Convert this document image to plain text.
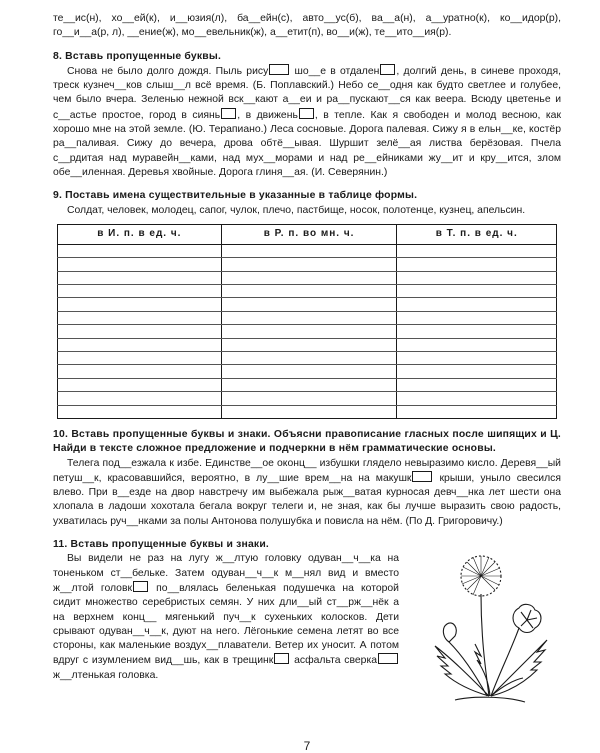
те__ис(н), хо__ей(к), и__юзия(л), ба__ейн(с), авто__ус(б), ва__а(н), а__уратно(к), ко__идор(р), го__и__а(р, л), __ение(ж), мо__евельник(ж), а__етит(п), во__и(ж), те__ито__ия(р).

8. Вставь пропущенные буквы.

Снова не было долго дождя. Пыль рису шо__е в отдален , долгий день, в синеве проходя, треск кузнеч__ков слыш__л всё время. (Б. Поплавский.) Небо се__одня как будто светлее и голубее, чем было вчера. Зеленью нежной вск__кают а__еи и ра__пускают__ся как веера. Всюду цветенье и с__астье простое, город в сиянь , в движень , в тепле. Как я свободен и молод весною, как хорошо мне на этой земле. (Ю. Терапиано.) Леса сосновые. Дорога палевая. Сижу я в ельн__ке, костёр ра__паливая. Сижу до вечера, дрова обтё__ывая. Шуршит зелё__ая листва берёзовая. Пчела с__рдитая над муравейн__ками, над мух__морами и над ре__ейниками жу__ит и кру__ится, злом обе__иленная. Деревья хвойные. Дорога глиня__ая. (И. Северянин.)

9. Поставь имена существительные в указанные в таблице формы.

Солдат, человек, молодец, сапог, чулок, плечо, пастбище, носок, полотенце, кузнец, апельсин.

в И. п. в ед. ч.	в Р. п. во мн. ч.	в Т. п. в ед. ч.

10. Вставь пропущенные буквы и знаки. Объясни правописание гласных после шипящих и Ц. Найди в тексте сложное предложение и подчеркни в нём грамматические основы.

Телега под__езжала к избе. Единстве__ое оконц__ избушки глядело невыразимо кисло. Деревя__ый петуш__к, красовавшийся, вероятно, в лу__шие врем__на на макушк крыши, уныло свесился влево. При в__езде на двор навстречу им выбежала рыж__ватая курносая девч__нка лет шести она хлопала в ладоши хохотала бегала вокруг телеги и, не зная, как бы лучше выразить свою радость, ухватилась руч__нками за полы Антонова полушубка и повисла на нём. (По Д. Григоровичу.)

11. Вставь пропущенные буквы и знаки.

Вы видели не раз на лугу ж__лтую головку одуван__ч__ка на тоненьком ст__бельке. Затем одуван__ч__к м__нял вид и вместо ж__лтой головк по__влялась беленькая подушечка на которой сидит множество серебристых семян. У них дли__ый ст__рж__нёк а на верхнем конц__ мягенький пуч__к сухеньких колосков. Дети срывают одуван__ч__к, дуют на него. Лёгонькие семена летят во все стороны, как маленькие воздух__плаватели. Ветер их уносит. А потом вдруг с изумлением вид__шь, как в трещинк асфальта сверка ж__лтенькая головка.

7
